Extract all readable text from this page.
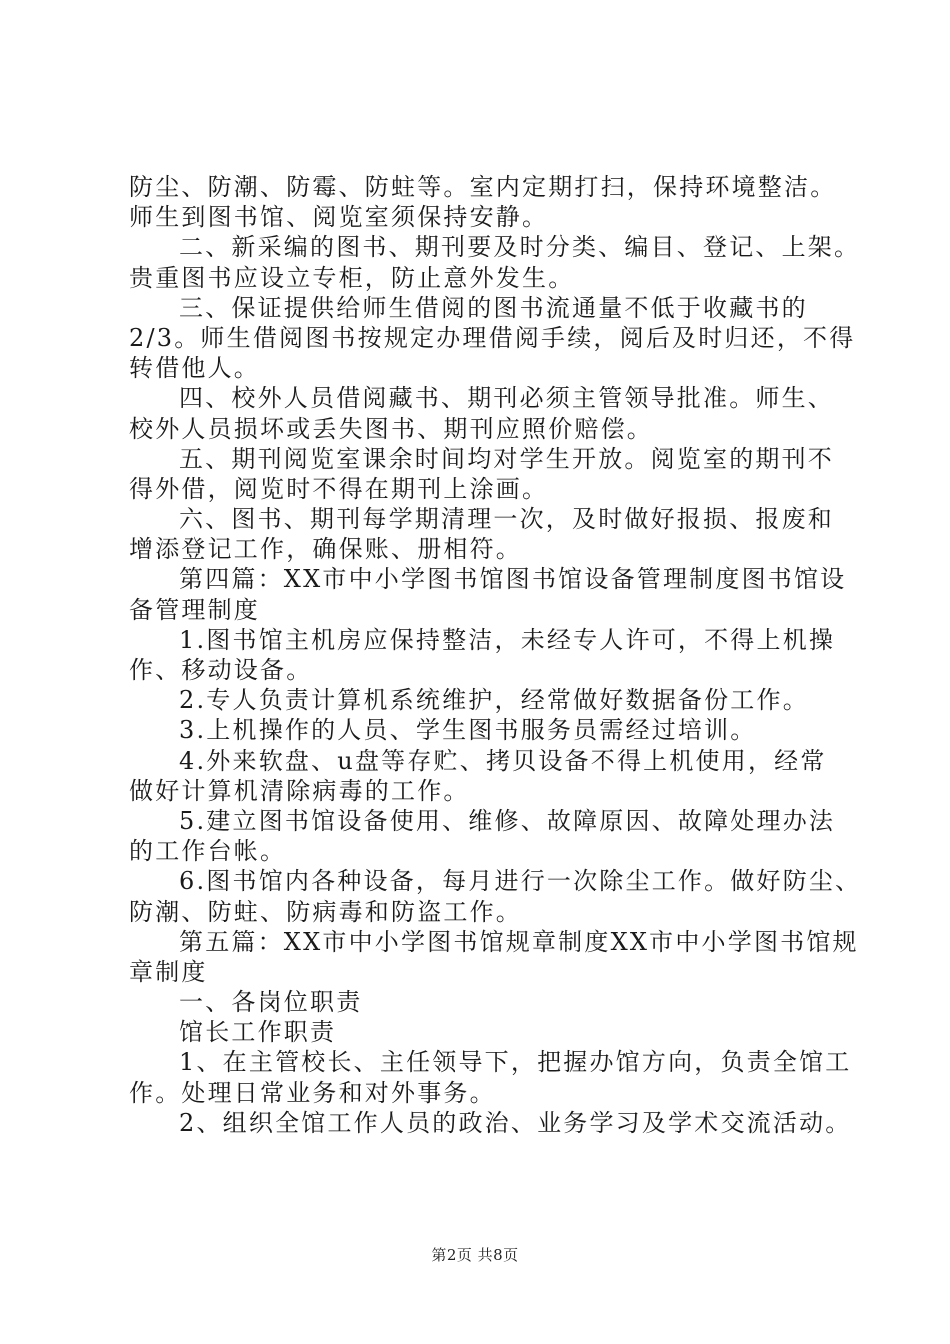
防尘、防潮、防霉、防蛀等。室内定期打扫，保持环境整洁。
师生到图书馆、阅览室须保持安静。
二、新采编的图书、期刊要及时分类、编目、登记、上架。
贵重图书应设立专柜，防止意外发生。
三、保证提供给师生借阅的图书流通量不低于收藏书的
2/3。师生借阅图书按规定办理借阅手续，阅后及时归还，不得
转借他人。
四、校外人员借阅藏书、期刊必须主管领导批准。师生、
校外人员损坏或丢失图书、期刊应照价赔偿。
五、期刊阅览室课余时间均对学生开放。阅览室的期刊不
得外借，阅览时不得在期刊上涂画。
六、图书、期刊每学期清理一次，及时做好报损、报废和
增添登记工作，确保账、册相符。
第四篇：XX市中小学图书馆图书馆设备管理制度图书馆设
备管理制度
1.图书馆主机房应保持整洁，未经专人许可，不得上机操
作、移动设备。
2.专人负责计算机系统维护，经常做好数据备份工作。
3.上机操作的人员、学生图书服务员需经过培训。
4.外来软盘、u盘等存贮、拷贝设备不得上机使用，经常
做好计算机清除病毒的工作。
5.建立图书馆设备使用、维修、故障原因、故障处理办法
的工作台帐。
6.图书馆内各种设备，每月进行一次除尘工作。做好防尘、
防潮、防蛀、防病毒和防盗工作。
第五篇：XX市中小学图书馆规章制度XX市中小学图书馆规
章制度
一、各岗位职责
馆长工作职责
1、在主管校长、主任领导下，把握办馆方向，负责全馆工
作。处理日常业务和对外事务。
2、组织全馆工作人员的政治、业务学习及学术交流活动。
第2页 共8页
